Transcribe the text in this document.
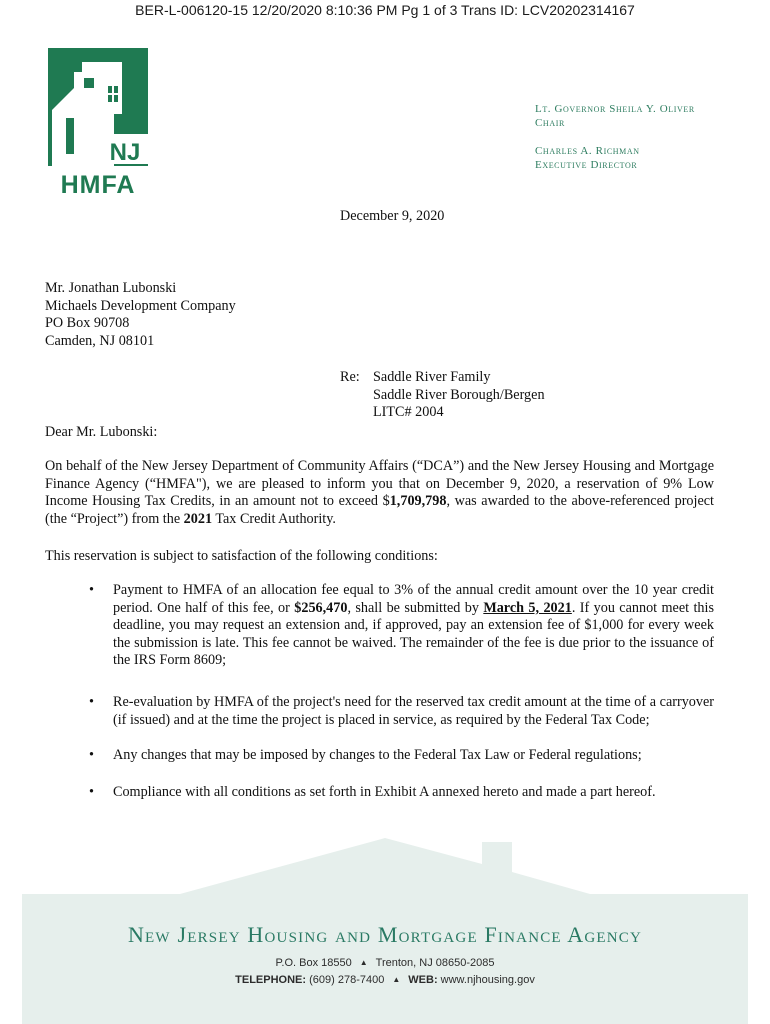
BER-L-006120-15 12/20/2020 8:10:36 PM Pg 1 of 3 Trans ID: LCV20202314167
NJ
HMFA
Lt. Governor Sheila Y. Oliver
Chair
Charles A. Richman
Executive Director
December 9, 2020
Mr. Jonathan Lubonski
Michaels Development Company
PO Box 90708
Camden, NJ 08101
Re: Saddle River Family
Saddle River Borough/Bergen
LITC# 2004
Dear Mr. Lubonski:
On behalf of the New Jersey Department of Community Affairs (“DCA”) and the New Jersey Housing and Mortgage Finance Agency (“HMFA"), we are pleased to inform you that on December 9, 2020, a reservation of 9% Low Income Housing Tax Credits, in an amount not to exceed $1,709,798, was awarded to the above-referenced project (the “Project”) from the 2021 Tax Credit Authority.
This reservation is subject to satisfaction of the following conditions:
• Payment to HMFA of an allocation fee equal to 3% of the annual credit amount over the 10 year credit period. One half of this fee, or $256,470, shall be submitted by March 5, 2021. If you cannot meet this deadline, you may request an extension and, if approved, pay an extension fee of $1,000 for every week the submission is late. This fee cannot be waived. The remainder of the fee is due prior to the issuance of the IRS Form 8609;
• Re-evaluation by HMFA of the project's need for the reserved tax credit amount at the time of a carryover (if issued) and at the time the project is placed in service, as required by the Federal Tax Code;
• Any changes that may be imposed by changes to the Federal Tax Law or Federal regulations;
• Compliance with all conditions as set forth in Exhibit A annexed hereto and made a part hereof.
New Jersey Housing and Mortgage Finance Agency
P.O. Box 18550 ▲ Trenton, NJ 08650-2085
TELEPHONE: (609) 278-7400 ▲ WEB: www.njhousing.gov
